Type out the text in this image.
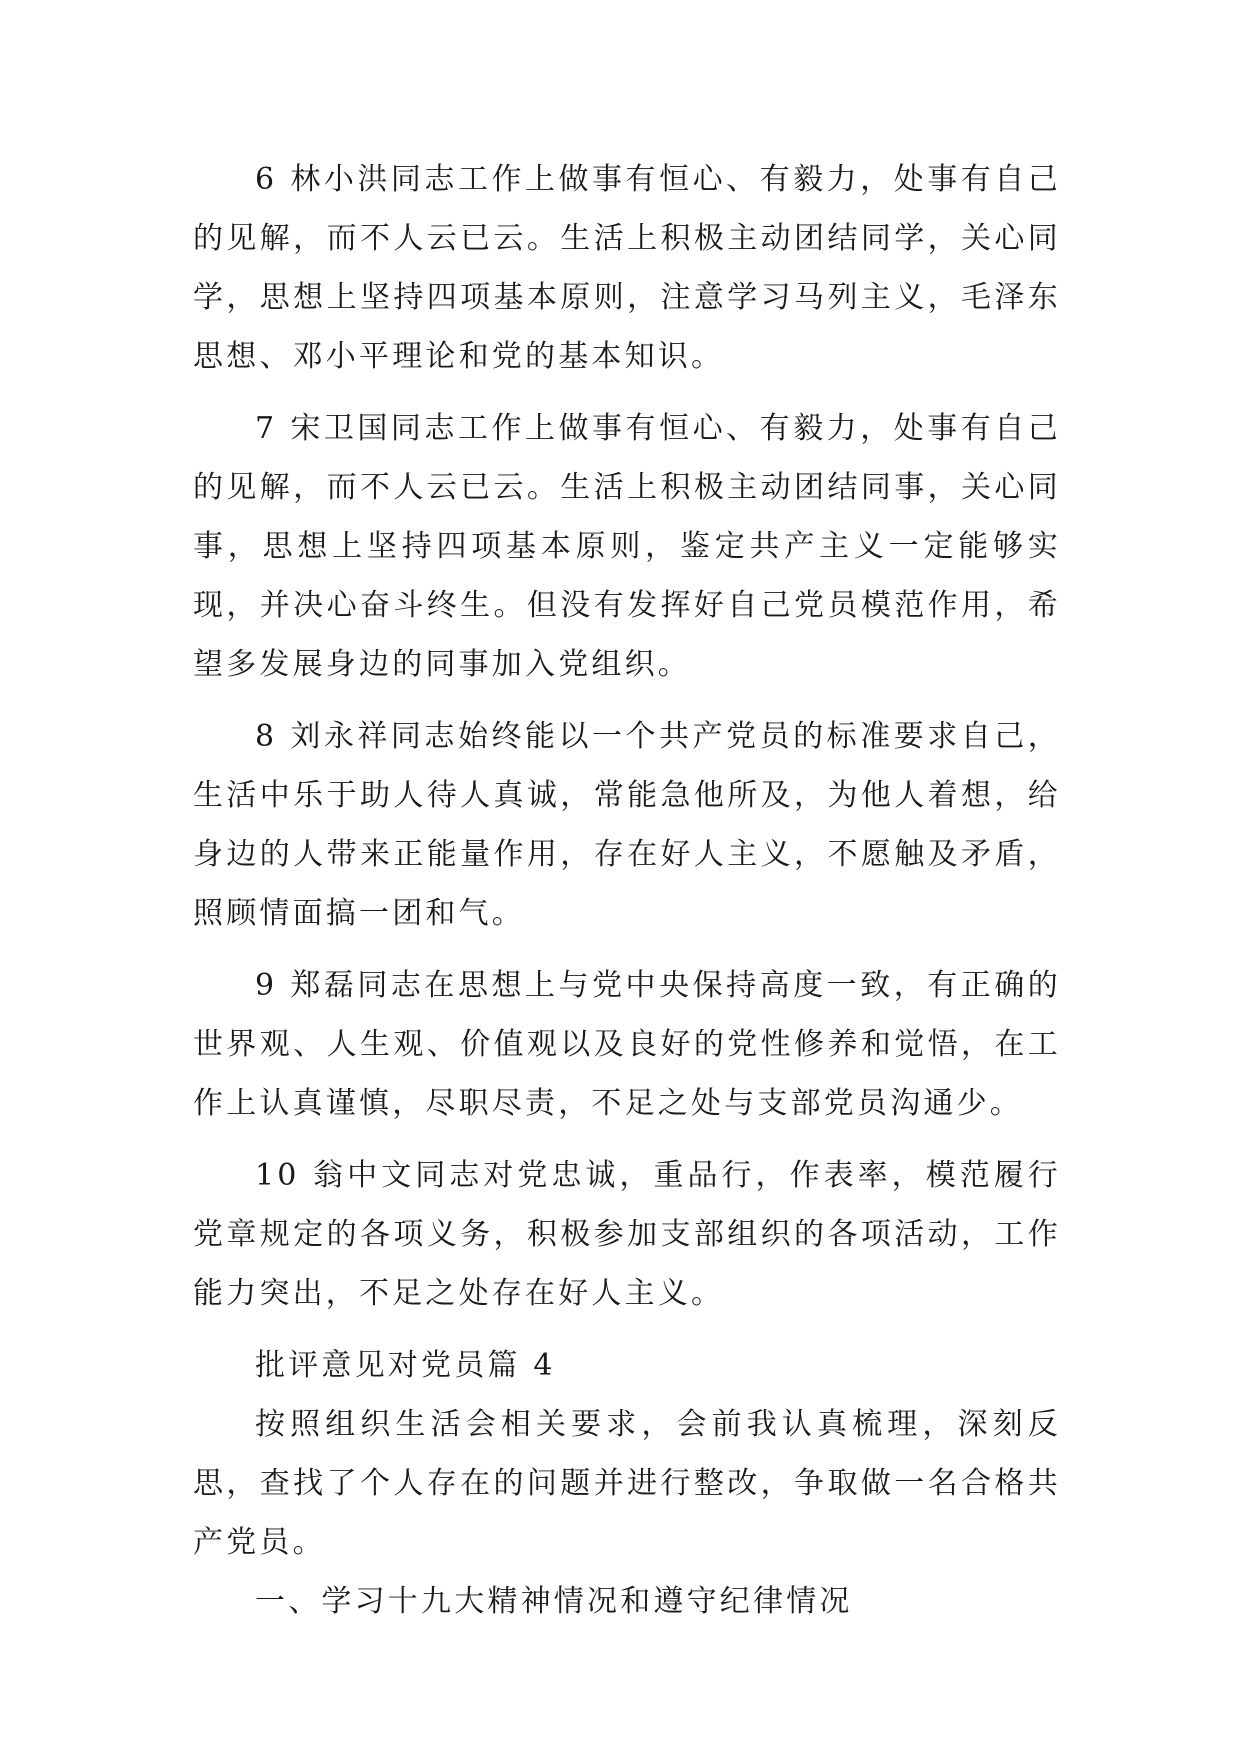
6 林小洪同志工作上做事有恒心、有毅力，处事有自己的见解，而不人云已云。生活上积极主动团结同学，关心同学，思想上坚持四项基本原则，注意学习马列主义，毛泽东思想、邓小平理论和党的基本知识。

7 宋卫国同志工作上做事有恒心、有毅力，处事有自己的见解，而不人云已云。生活上积极主动团结同事，关心同事，思想上坚持四项基本原则，鉴定共产主义一定能够实现，并决心奋斗终生。但没有发挥好自己党员模范作用，希望多发展身边的同事加入党组织。

8 刘永祥同志始终能以一个共产党员的标准要求自己，生活中乐于助人待人真诚，常能急他所及，为他人着想，给身边的人带来正能量作用，存在好人主义，不愿触及矛盾，照顾情面搞一团和气。

9 郑磊同志在思想上与党中央保持高度一致，有正确的世界观、人生观、价值观以及良好的党性修养和觉悟，在工作上认真谨慎，尽职尽责，不足之处与支部党员沟通少。

10 翁中文同志对党忠诚，重品行，作表率，模范履行党章规定的各项义务，积极参加支部组织的各项活动，工作能力突出，不足之处存在好人主义。

批评意见对党员篇 4

按照组织生活会相关要求，会前我认真梳理，深刻反思，查找了个人存在的问题并进行整改，争取做一名合格共产党员。

一、学习十九大精神情况和遵守纪律情况
